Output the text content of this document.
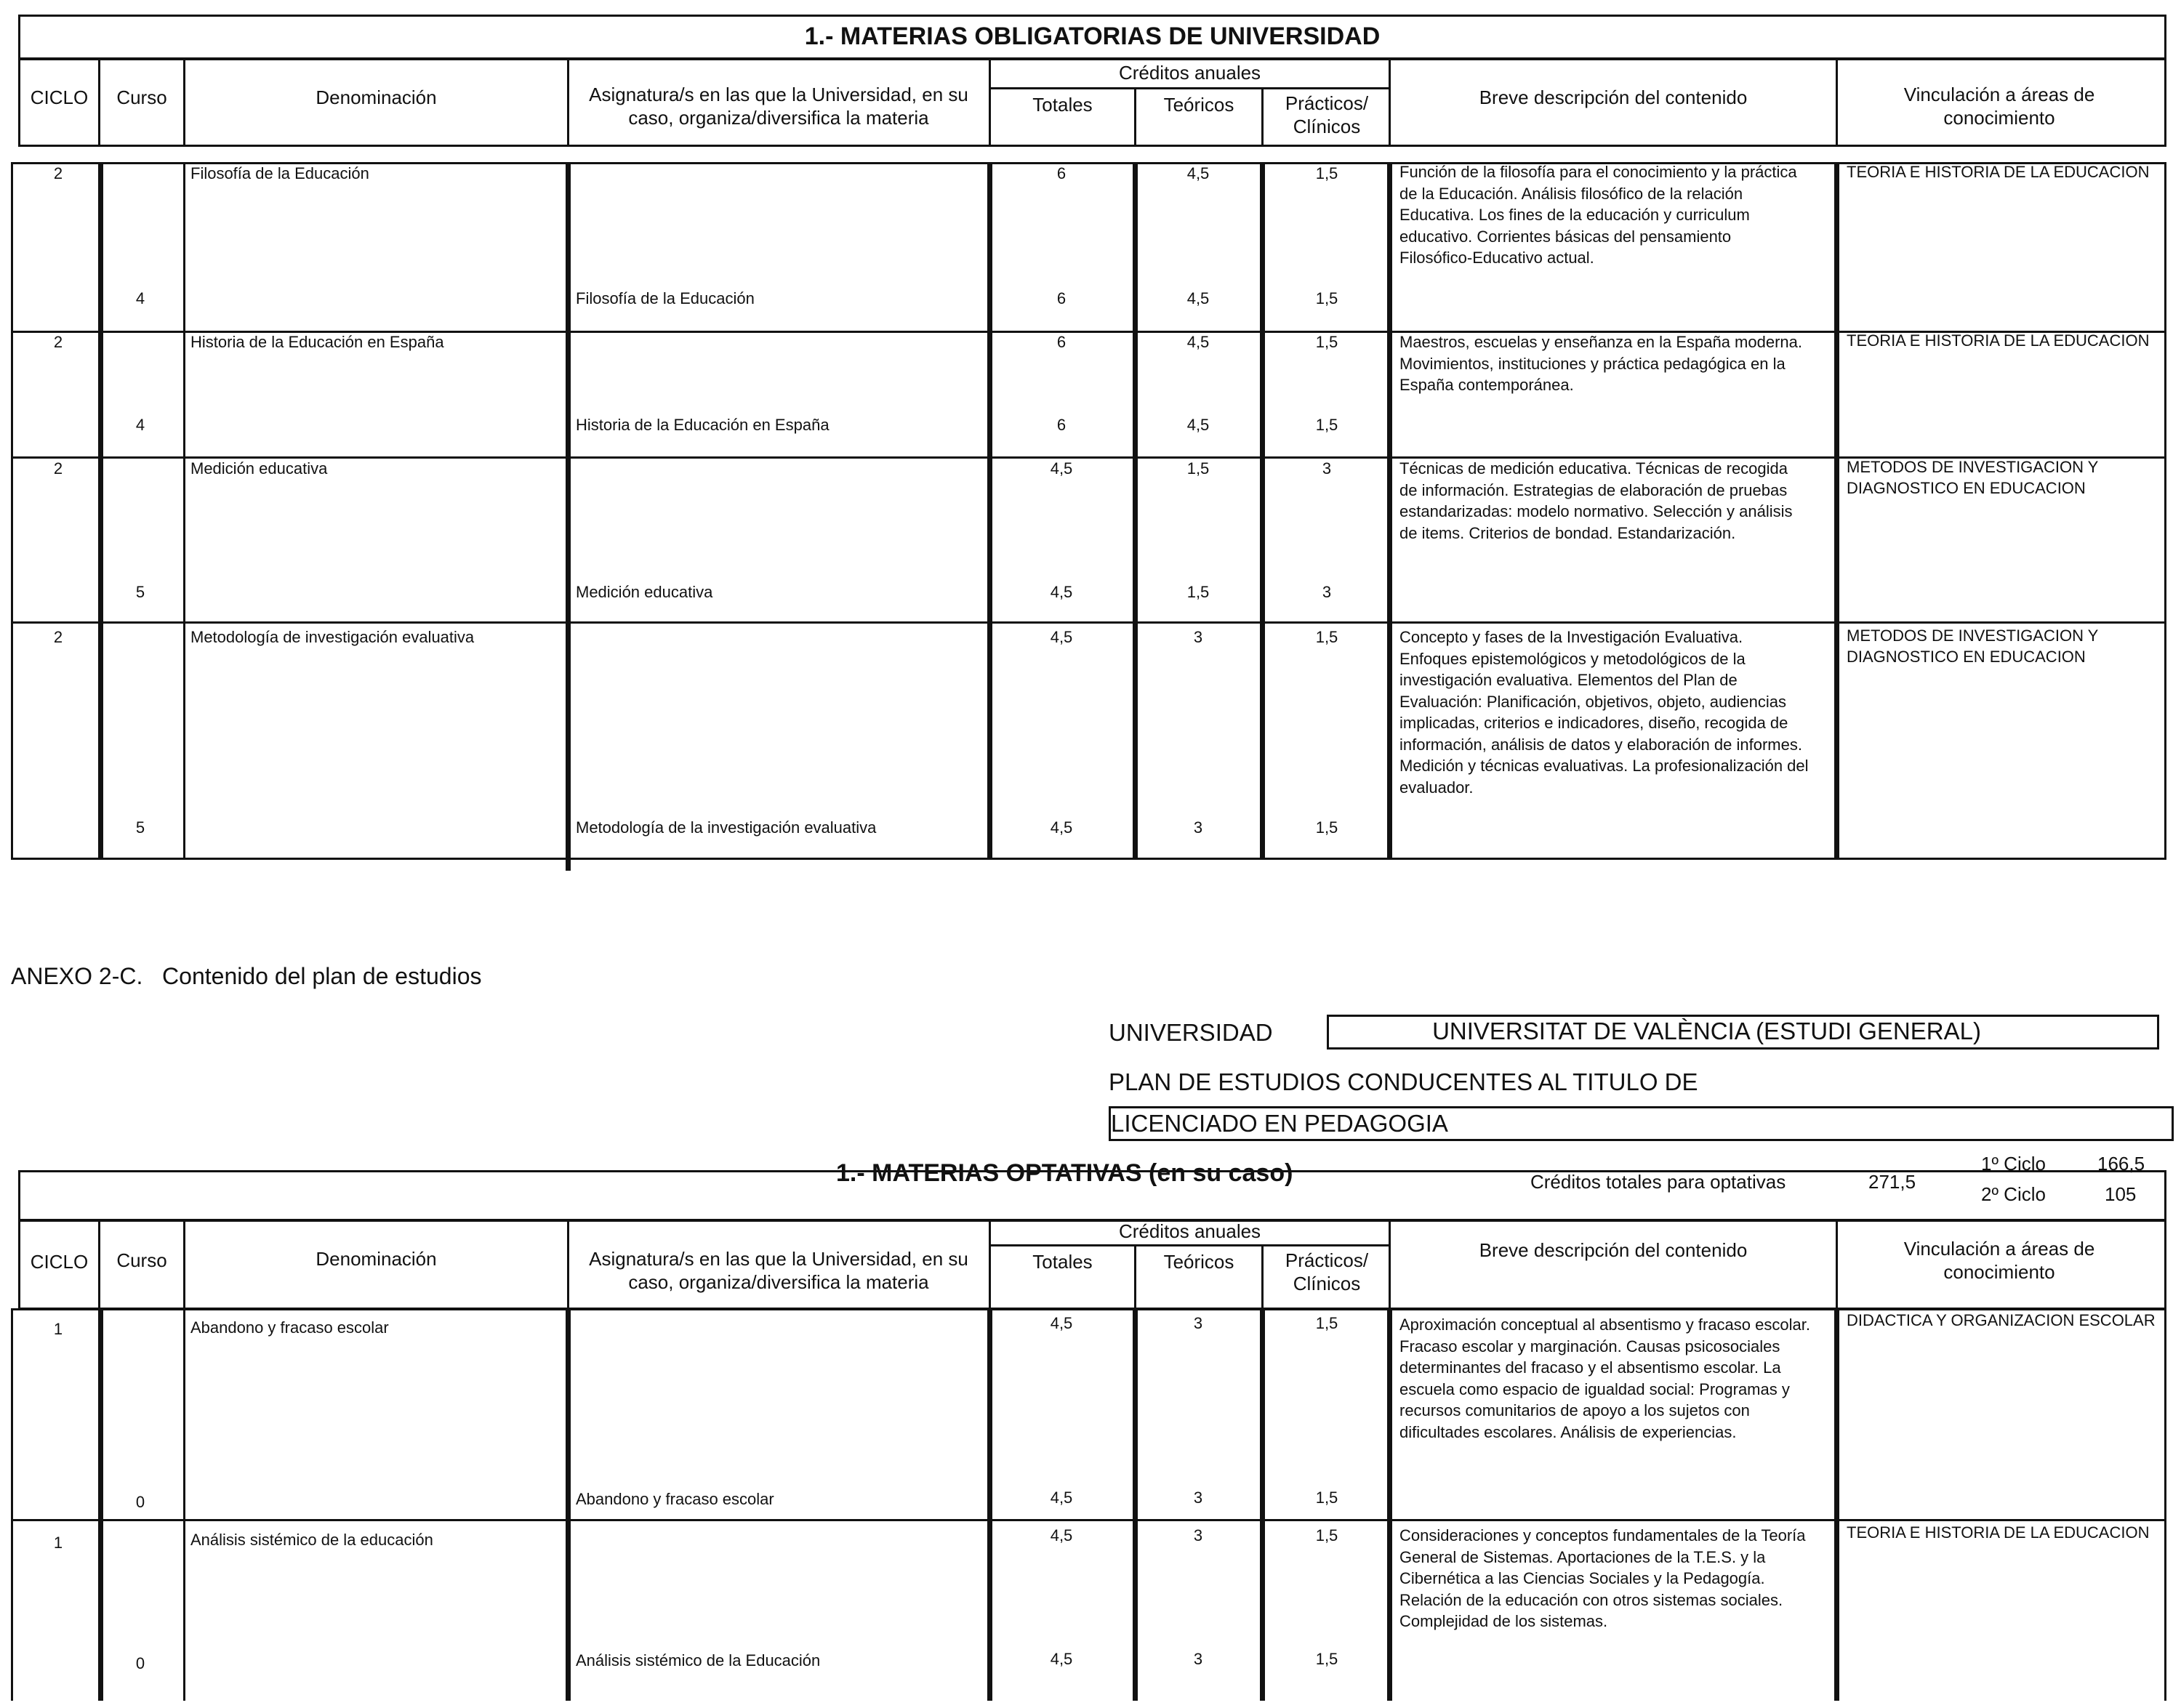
1.- MATERIAS OBLIGATORIAS DE UNIVERSIDAD
CICLO	Curso	Denominación	Asignatura/s en las que la Universidad, en su caso, organiza/diversifica la materia
Créditos anuales
Totales	Teóricos	Prácticos/ Clínicos
Breve descripción del contenido	Vinculación a áreas de conocimiento
2	Filosofía de la Educación	6	4,5	1,5	Función de la filosofía para el conocimiento y la práctica de la Educación. Análisis filosófico de la relación Educativa. Los fines de la educación y curriculum educativo. Corrientes básicas del pensamiento Filosófico-Educativo actual.
TEORIA E HISTORIA DE LA EDUCACION
4	Filosofía de la Educación	6	4,5	1,5
2	Historia de la Educación en España	6	4,5	1,5	Maestros, escuelas y enseñanza en la España moderna. Movimientos, instituciones y práctica pedagógica en la España contemporánea.
TEORIA E HISTORIA DE LA EDUCACION
4	Historia de la Educación en España	6	4,5	1,5
2	Medición educativa	4,5	1,5	3	Técnicas de medición educativa. Técnicas de recogida de información. Estrategias de elaboración de pruebas estandarizadas: modelo normativo. Selección y análisis de items. Criterios de bondad. Estandarización.
METODOS DE INVESTIGACION Y DIAGNOSTICO EN EDUCACION
5	Medición educativa	4,5	1,5	3
2	Metodología de investigación evaluativa	4,5	3	1,5	Concepto y fases de la Investigación Evaluativa. Enfoques epistemológicos y metodológicos de la investigación evaluativa. Elementos del Plan de Evaluación: Planificación, objetivos, objeto, audiencias implicadas, criterios e indicadores, diseño, recogida de información, análisis de datos y elaboración de informes. Medición y técnicas evaluativas. La profesionalización del evaluador.
METODOS DE INVESTIGACION Y DIAGNOSTICO EN EDUCACION
5	Metodología de la investigación evaluativa	4,5	3	1,5
ANEXO 2-C. Contenido del plan de estudios
UNIVERSIDAD	UNIVERSITAT DE VALÈNCIA (ESTUDI GENERAL)
PLAN DE ESTUDIOS CONDUCENTES AL TITULO DE
LICENCIADO EN PEDAGOGIA
1.- MATERIAS OPTATIVAS (en su caso)	Créditos totales para optativas	271,5
1º Ciclo	166,5
2º Ciclo	105
CICLO	Curso	Denominación	Asignatura/s en las que la Universidad, en su caso, organiza/diversifica la materia
Créditos anuales
Totales	Teóricos	Prácticos/ Clínicos
Breve descripción del contenido	Vinculación a áreas de conocimiento
1	Abandono y fracaso escolar	4,5	3	1,5	Aproximación conceptual al absentismo y fracaso escolar. Fracaso escolar y marginación. Causas psicosociales determinantes del fracaso y el absentismo escolar. La escuela como espacio de igualdad social: Programas y recursos comunitarios de apoyo a los sujetos con dificultades escolares. Análisis de experiencias.
DIDACTICA Y ORGANIZACION ESCOLAR
0	Abandono y fracaso escolar	4,5	3	1,5
1	Análisis sistémico de la educación	4,5	3	1,5	Consideraciones y conceptos fundamentales de la Teoría General de Sistemas. Aportaciones de la T.E.S. y la Cibernética a las Ciencias Sociales y la Pedagogía. Relación de la educación con otros sistemas sociales. Complejidad de los sistemas.
TEORIA E HISTORIA DE LA EDUCACION
0	Análisis sistémico de la Educación	4,5	3	1,5
